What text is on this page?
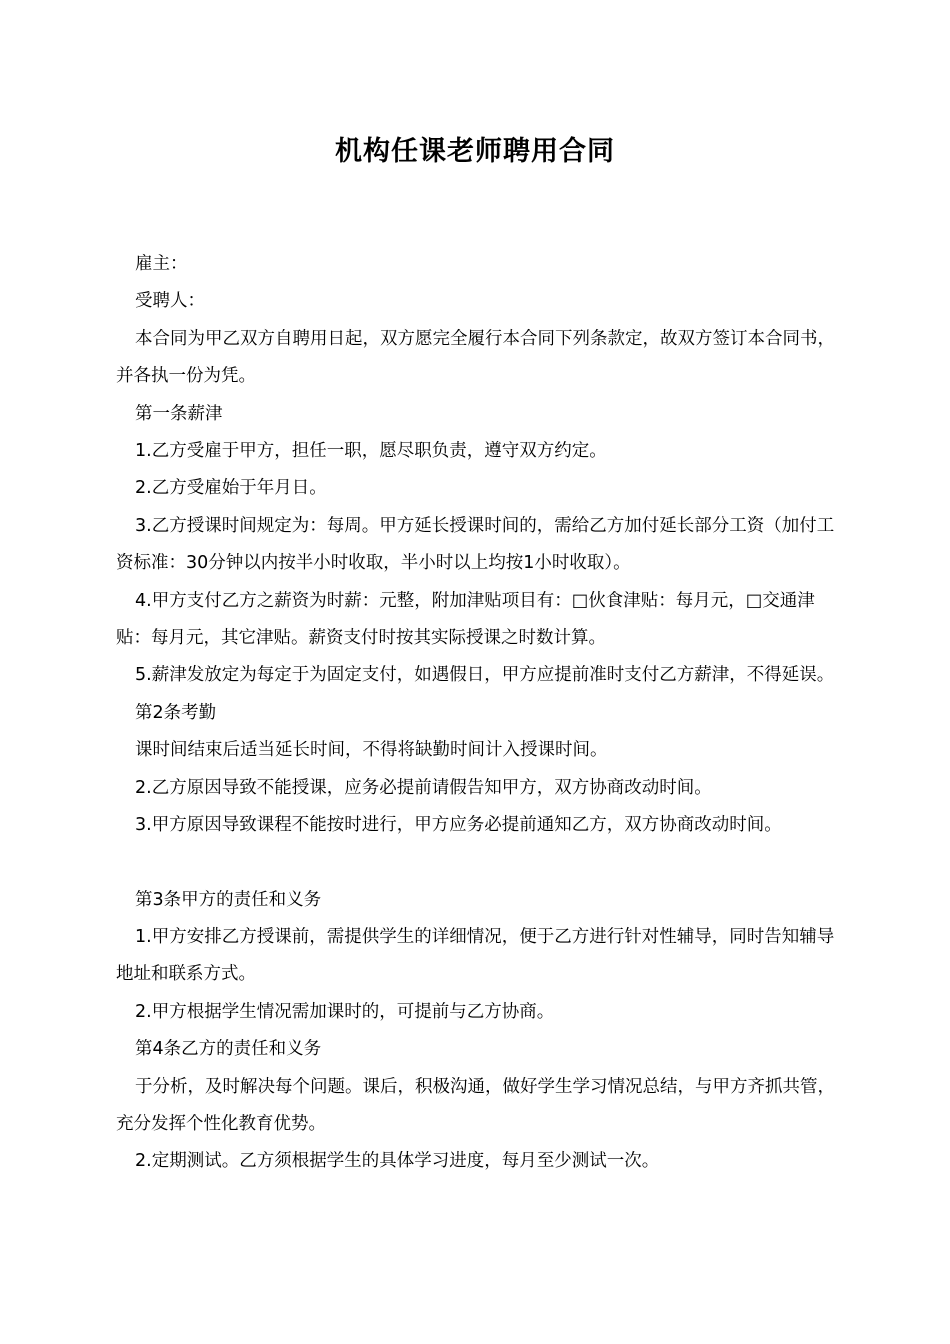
机构任课老师聘用合同

雇主：

受聘人：

本合同为甲乙双方自聘用日起，双方愿完全履行本合同下列条款定，故双方签订本合同书，并各执一份为凭。

第一条薪津

1.乙方受雇于甲方，担任一职，愿尽职负责，遵守双方约定。

2.乙方受雇始于年月日。

3.乙方授课时间规定为：每周。甲方延长授课时间的，需给乙方加付延长部分工资（加付工资标准：30分钟以内按半小时收取，半小时以上均按1小时收取）。

4.甲方支付乙方之薪资为时薪：元整，附加津贴项目有：□伙食津贴：每月元，□交通津贴：每月元，其它津贴。薪资支付时按其实际授课之时数计算。

5.薪津发放定为每定于为固定支付，如遇假日，甲方应提前准时支付乙方薪津，不得延误。

第2条考勤

课时间结束后适当延长时间，不得将缺勤时间计入授课时间。

2.乙方原因导致不能授课，应务必提前请假告知甲方，双方协商改动时间。

3.甲方原因导致课程不能按时进行，甲方应务必提前通知乙方，双方协商改动时间。

第3条甲方的责任和义务

1.甲方安排乙方授课前，需提供学生的详细情况，便于乙方进行针对性辅导，同时告知辅导地址和联系方式。

2.甲方根据学生情况需加课时的，可提前与乙方协商。

第4条乙方的责任和义务

于分析，及时解决每个问题。课后，积极沟通，做好学生学习情况总结，与甲方齐抓共管，充分发挥个性化教育优势。

2.定期测试。乙方须根据学生的具体学习进度，每月至少测试一次。
